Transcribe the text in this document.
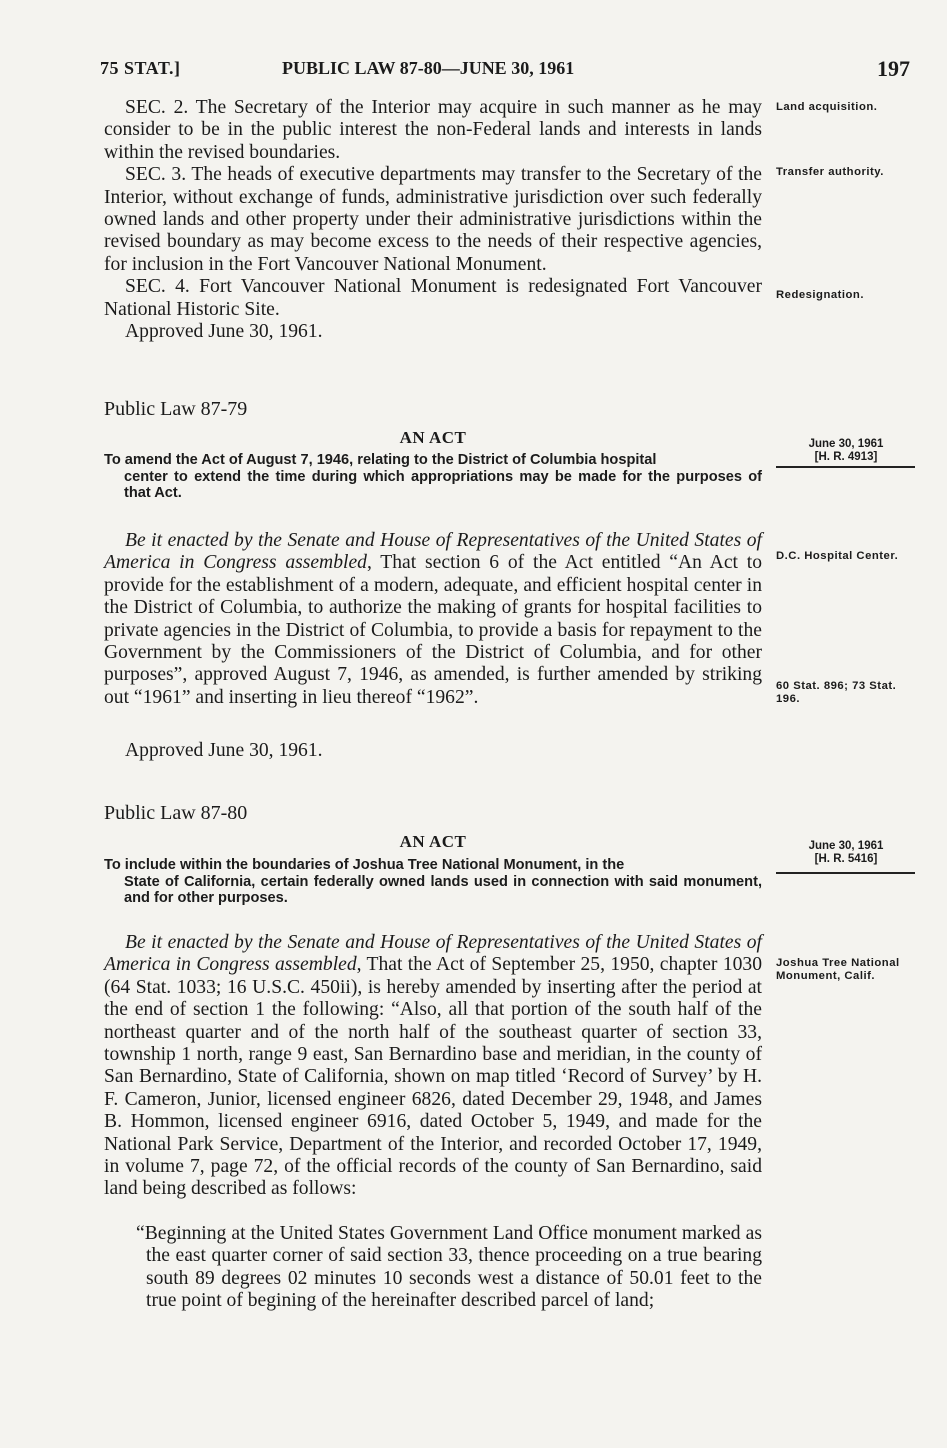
75 STAT.]	PUBLIC LAW 87-80—JUNE 30, 1961	197

SEC. 2. The Secretary of the Interior may acquire in such manner as he may consider to be in the public interest the non-Federal lands and interests in lands within the revised boundaries.

SEC. 3. The heads of executive departments may transfer to the Secretary of the Interior, without exchange of funds, administrative jurisdiction over such federally owned lands and other property under their administrative jurisdictions within the revised boundary as may become excess to the needs of their respective agencies, for inclusion in the Fort Vancouver National Monument.

SEC. 4. Fort Vancouver National Monument is redesignated Fort Vancouver National Historic Site.

Approved June 30, 1961.

Public Law 87-79
AN ACT
To amend the Act of August 7, 1946, relating to the District of Columbia hospital
center to extend the time during which appropriations may be made for the purposes of that Act.

Be it enacted by the Senate and House of Representatives of the United States of America in Congress assembled, That section 6 of the Act entitled “An Act to provide for the establishment of a modern, adequate, and efficient hospital center in the District of Columbia, to authorize the making of grants for hospital facilities to private agencies in the District of Columbia, to provide a basis for repayment to the Government by the Commissioners of the District of Columbia, and for other purposes”, approved August 7, 1946, as amended, is further amended by striking out “1961” and inserting in lieu thereof “1962”.

Approved June 30, 1961.

Public Law 87-80
AN ACT
To include within the boundaries of Joshua Tree National Monument, in the
State of California, certain federally owned lands used in connection with said monument, and for other purposes.

Be it enacted by the Senate and House of Representatives of the United States of America in Congress assembled, That the Act of September 25, 1950, chapter 1030 (64 Stat. 1033; 16 U.S.C. 450ii), is hereby amended by inserting after the period at the end of section 1 the following: “Also, all that portion of the south half of the northeast quarter and of the north half of the southeast quarter of section 33, township 1 north, range 9 east, San Bernardino base and meridian, in the county of San Bernardino, State of California, shown on map titled ‘Record of Survey’ by H. F. Cameron, Junior, licensed engineer 6826, dated December 29, 1948, and James B. Hommon, licensed engineer 6916, dated October 5, 1949, and made for the National Park Service, Department of the Interior, and recorded October 17, 1949, in volume 7, page 72, of the official records of the county of San Bernardino, said land being described as follows:

“Beginning at the United States Government Land Office monument marked as the east quarter corner of said section 33, thence proceeding on a true bearing south 89 degrees 02 minutes 10 seconds west a distance of 50.01 feet to the true point of begining of the hereinafter described parcel of land;

Land acquisition.
Transfer authority.
Redesignation.
June 30, 1961
[H. R. 4913]
D.C. Hospital Center.
60 Stat. 896; 73 Stat. 196.
June 30, 1961
[H. R. 5416]
Joshua Tree National Monument, Calif.
